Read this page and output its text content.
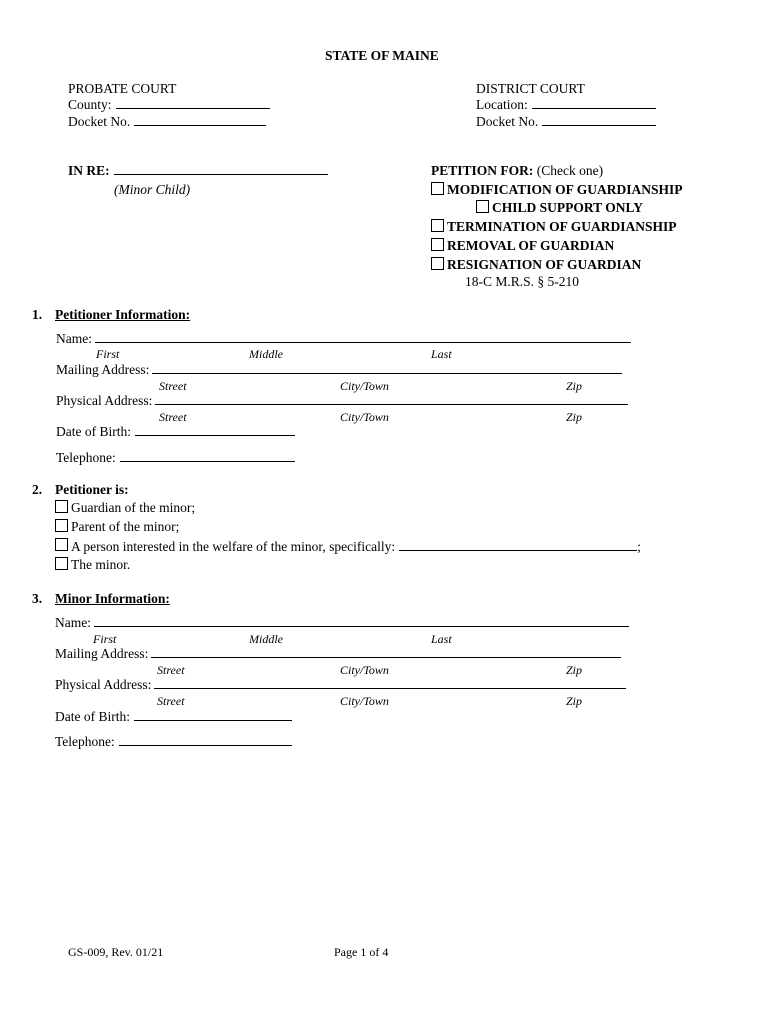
STATE OF MAINE
PROBATE COURT
County:
Docket No.
DISTRICT COURT
Location:
Docket No.
IN RE:
(Minor Child)
PETITION FOR: (Check one)
MODIFICATION OF GUARDIANSHIP
CHILD SUPPORT ONLY
TERMINATION OF GUARDIANSHIP
REMOVAL OF GUARDIAN
RESIGNATION OF GUARDIAN
18-C M.R.S. § 5-210
1. Petitioner Information:
Name:
First	Middle	Last
Mailing Address:
Street	City/Town	Zip
Physical Address:
Street	City/Town	Zip
Date of Birth:
Telephone:
2. Petitioner is:
Guardian of the minor;
Parent of the minor;
A person interested in the welfare of the minor, specifically:	;
The minor.
3. Minor Information:
Name:
First	Middle	Last
Mailing Address:
Street	City/Town	Zip
Physical Address:
Street	City/Town	Zip
Date of Birth:
Telephone:
GS-009, Rev. 01/21	Page 1 of 4
